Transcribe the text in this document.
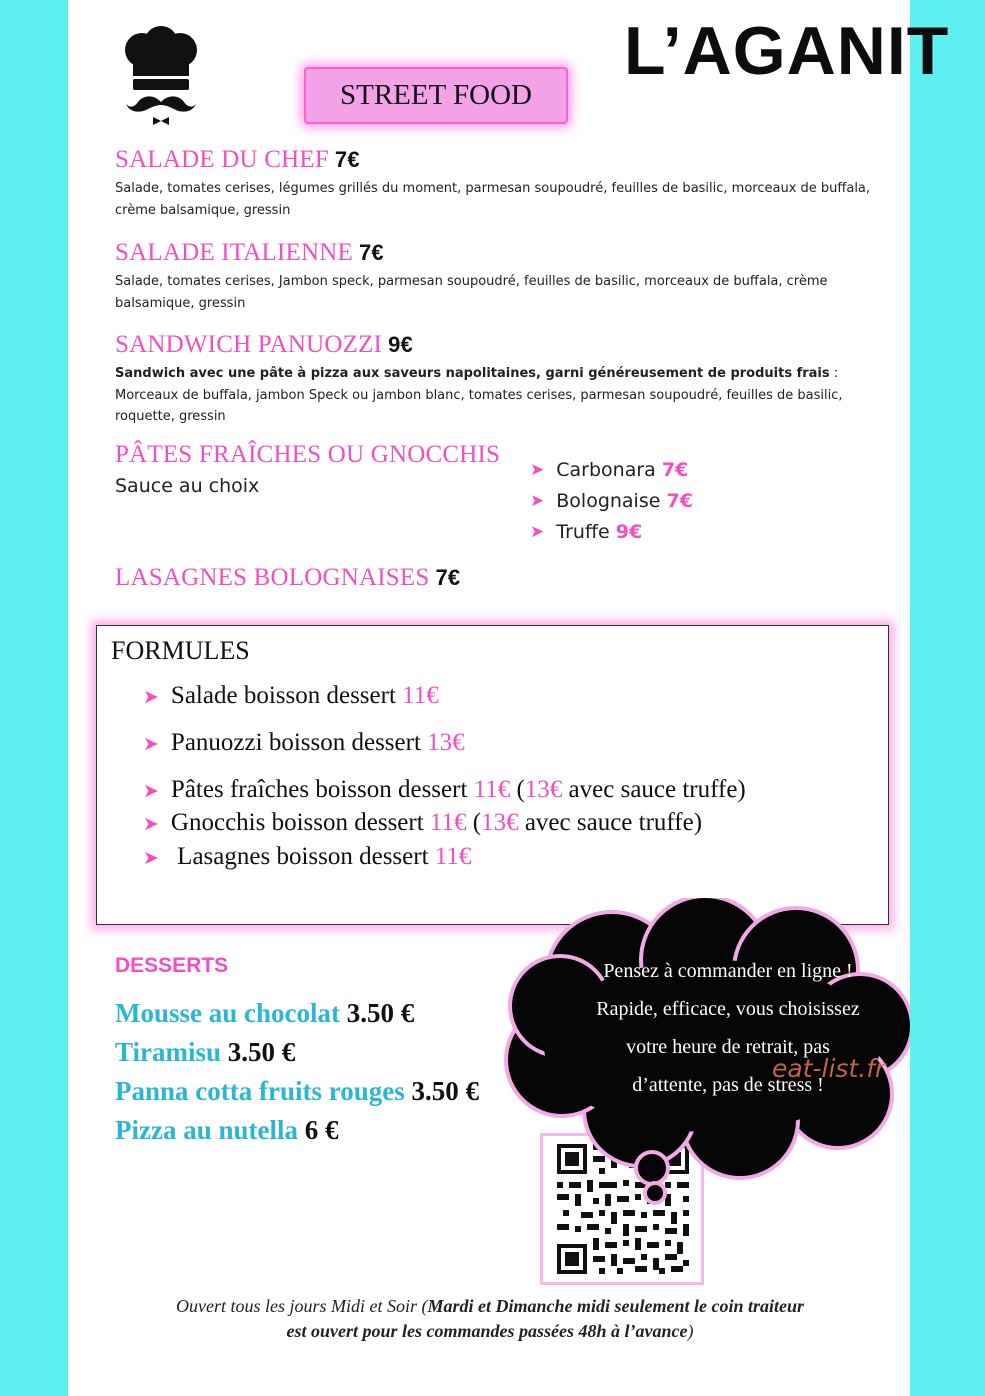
STREET FOOD
L’AGANIT
SALADE DU CHEF 7€

Salade, tomates cerises, légumes grillés du moment, parmesan soupoudré, feuilles de basilic, morceaux de buffala, crème balsamique, gressin

SALADE ITALIENNE 7€

Salade, tomates cerises, Jambon speck, parmesan soupoudré, feuilles de basilic, morceaux de buffala, crème balsamique, gressin

SANDWICH PANUOZZI 9€

Sandwich avec une pâte à pizza aux saveurs napolitaines, garni généreusement de produits frais : Morceaux de buffala, jambon Speck ou jambon blanc, tomates cerises, parmesan soupoudré, feuilles de basilic, roquette, gressin

PÂTES FRAÎCHES OU GNOCCHIS
Sauce au choix
➤ Carbonara
7€
➤ Bolognaise
7€
➤ Truffe
9€
LASAGNES BOLOGNAISES 7€
FORMULES
➤ Salade boisson dessert 11€
➤ Panuozzi boisson dessert 13€
➤ Pâtes fraîches boisson dessert 11€ (13€ avec sauce truffe)
➤ Gnocchis boisson dessert 11€ (13€ avec sauce truffe)
➤ Lasagnes boisson dessert 11€
DESSERTS
Mousse au chocolat 3.50 €
Tiramisu 3.50 €
Panna cotta fruits rouges 3.50 €
Pizza au nutella 6 €
Pensez à commander en ligne !
Rapide, efficace, vous choisissez
votre heure de retrait, pas
d’attente, pas de stress !
eat-list.fr
Ouvert tous les jours Midi et Soir (Mardi et Dimanche midi seulement le coin traiteur
est ouvert pour les commandes passées 48h à l’avance)
